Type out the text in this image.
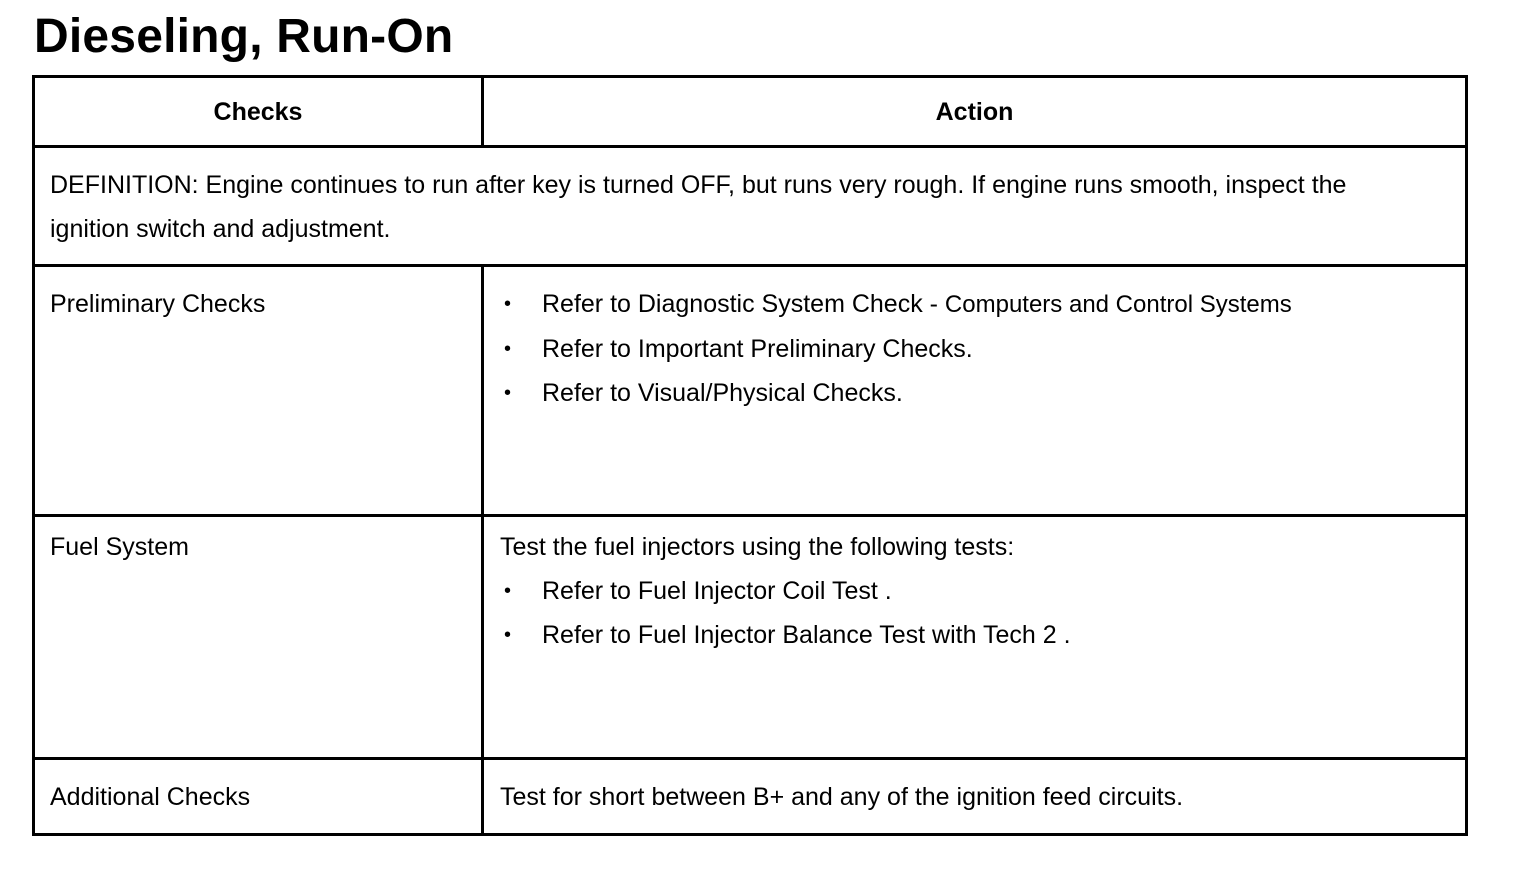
Dieseling, Run-On
Checks	Action
DEFINITION: Engine continues to run after key is turned OFF, but runs very rough. If engine runs smooth, inspect the ignition switch and adjustment.
Preliminary Checks	• Refer to Diagnostic System Check - Computers and Control Systems
• Refer to Important Preliminary Checks.
• Refer to Visual/Physical Checks.
Fuel System	Test the fuel injectors using the following tests:
• Refer to Fuel Injector Coil Test .
• Refer to Fuel Injector Balance Test with Tech 2 .
Additional Checks	Test for short between B+ and any of the ignition feed circuits.
